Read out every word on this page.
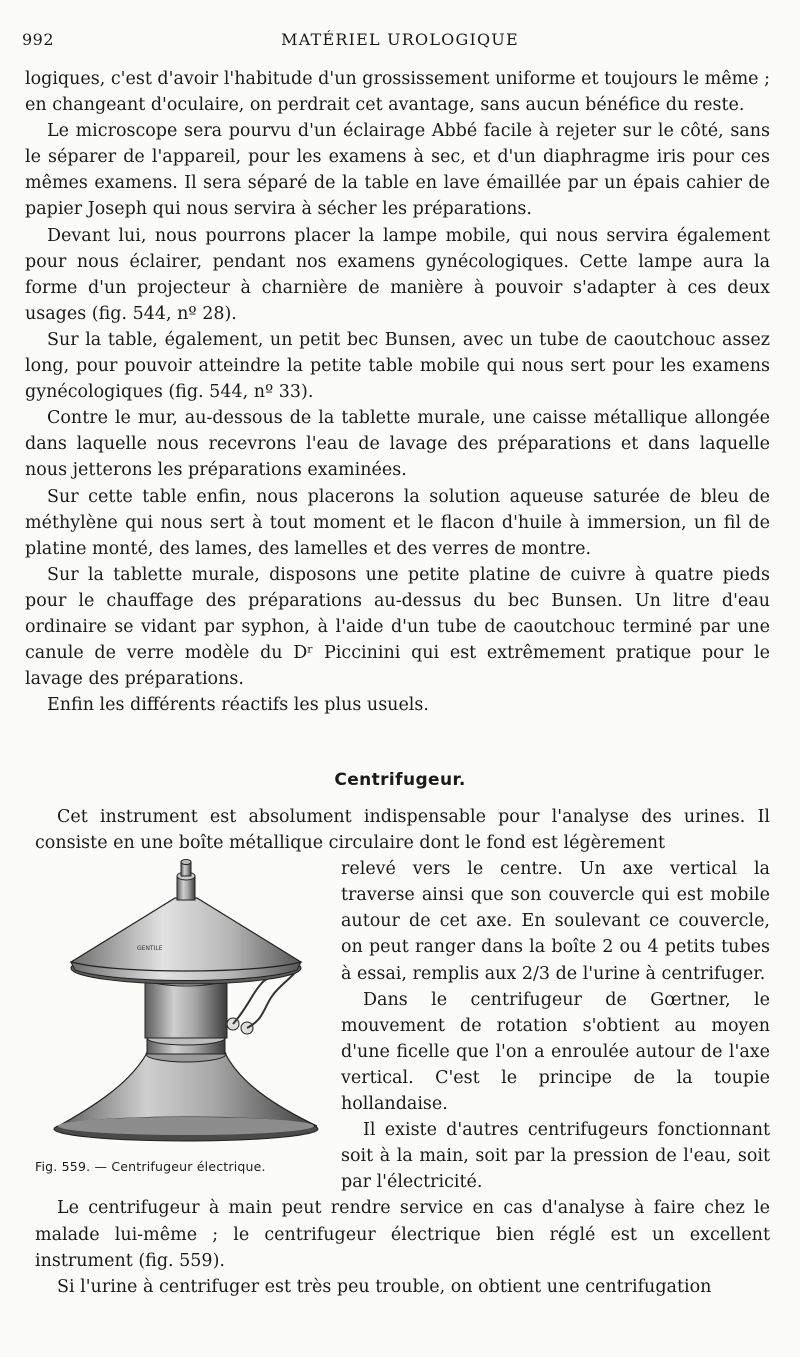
992	MATÉRIEL UROLOGIQUE

logiques, c'est d'avoir l'habitude d'un grossissement uniforme et toujours le même ; en changeant d'oculaire, on perdrait cet avantage, sans aucun bénéfice du reste.

Le microscope sera pourvu d'un éclairage Abbé facile à rejeter sur le côté, sans le séparer de l'appareil, pour les examens à sec, et d'un diaphragme iris pour ces mêmes examens. Il sera séparé de la table en lave émaillée par un épais cahier de papier Joseph qui nous servira à sécher les préparations.

Devant lui, nous pourrons placer la lampe mobile, qui nous servira également pour nous éclairer, pendant nos examens gynécologiques. Cette lampe aura la forme d'un projecteur à charnière de manière à pouvoir s'adapter à ces deux usages (fig. 544, nº 28).

Sur la table, également, un petit bec Bunsen, avec un tube de caoutchouc assez long, pour pouvoir atteindre la petite table mobile qui nous sert pour les examens gynécologiques (fig. 544, nº 33).

Contre le mur, au-dessous de la tablette murale, une caisse métallique allongée dans laquelle nous recevrons l'eau de lavage des préparations et dans laquelle nous jetterons les préparations examinées.

Sur cette table enfin, nous placerons la solution aqueuse saturée de bleu de méthylène qui nous sert à tout moment et le flacon d'huile à immersion, un fil de platine monté, des lames, des lamelles et des verres de montre.

Sur la tablette murale, disposons une petite platine de cuivre à quatre pieds pour le chauffage des préparations au-dessus du bec Bunsen. Un litre d'eau ordinaire se vidant par syphon, à l'aide d'un tube de caoutchouc terminé par une canule de verre modèle du Dʳ Piccinini qui est extrêmement pratique pour le lavage des préparations.

Enfin les différents réactifs les plus usuels.

Centrifugeur.

Cet instrument est absolument indispensable pour l'analyse des urines. Il consiste en une boîte métallique circulaire dont le fond est légèrement

GENTILE
Fig. 559. — Centrifugeur électrique.

relevé vers le centre. Un axe vertical la traverse ainsi que son couvercle qui est mobile autour de cet axe. En soulevant ce couvercle, on peut ranger dans la boîte 2 ou 4 petits tubes à essai, remplis aux 2/3 de l'urine à centrifuger.

Dans le centrifugeur de Gœrtner, le mouvement de rotation s'obtient au moyen d'une ficelle que l'on a enroulée autour de l'axe vertical. C'est le principe de la toupie hollandaise.

Il existe d'autres centrifugeurs fonctionnant soit à la main, soit par la pression de l'eau, soit par l'électricité.

Le centrifugeur à main peut rendre service en cas d'analyse à faire chez le malade lui-même ; le centrifugeur électrique bien réglé est un excellent instrument (fig. 559).

Si l'urine à centrifuger est très peu trouble, on obtient une centrifugation
